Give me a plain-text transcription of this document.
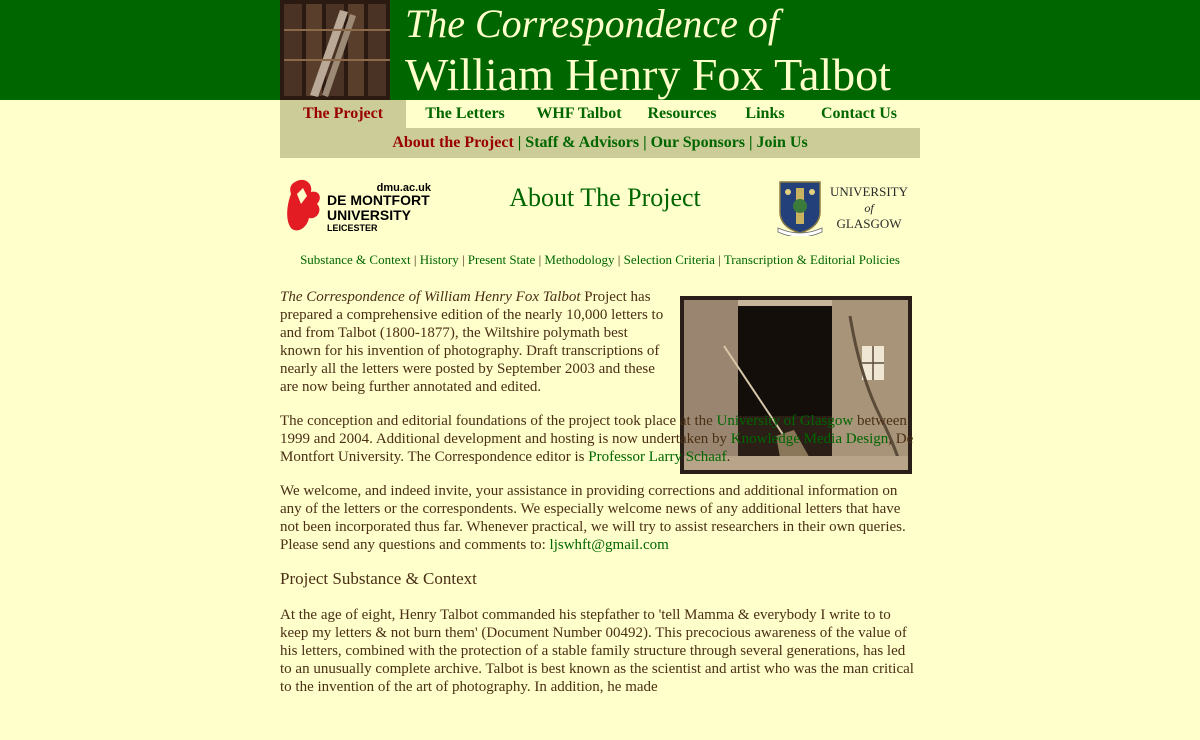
The Correspondence of
William Henry Fox Talbot
The Project	The Letters	WHF Talbot	Resources	Links	Contact Us
About the Project | Staff & Advisors | Our Sponsors | Join Us
dmu.ac.uk
DE MONTFORT
UNIVERSITY
LEICESTER
About The Project	UNIVERSITY
of
GLASGOW
Substance & Context | History | Present State | Methodology | Selection Criteria | Transcription & Editorial Policies

The Correspondence of William Henry Fox Talbot Project has prepared a comprehensive edition of the nearly 10,000 letters to and from Talbot (1800-1877), the Wiltshire polymath best known for his invention of photography. Draft transcriptions of nearly all the letters were posted by September 2003 and these are now being further annotated and edited.

The conception and editorial foundations of the project took place at the University of Glasgow between 1999 and 2004. Additional development and hosting is now undertaken by Knowledge Media Design, De Montfort University. The Correspondence editor is Professor Larry Schaaf.

We welcome, and indeed invite, your assistance in providing corrections and additional information on any of the letters or the correspondents. We especially welcome news of any additional letters that have not been incorporated thus far. Whenever practical, we will try to assist researchers in their own queries. Please send any questions and comments to: ljswhft@gmail.com

Project Substance & Context

At the age of eight, Henry Talbot commanded his stepfather to 'tell Mamma & everybody I write to to keep my letters & not burn them' (Document Number 00492). This precocious awareness of the value of his letters, combined with the protection of a stable family structure through several generations, has led to an unusually complete archive. Talbot is best known as the scientist and artist who was the man critical to the invention of the art of photography. In addition, he made
